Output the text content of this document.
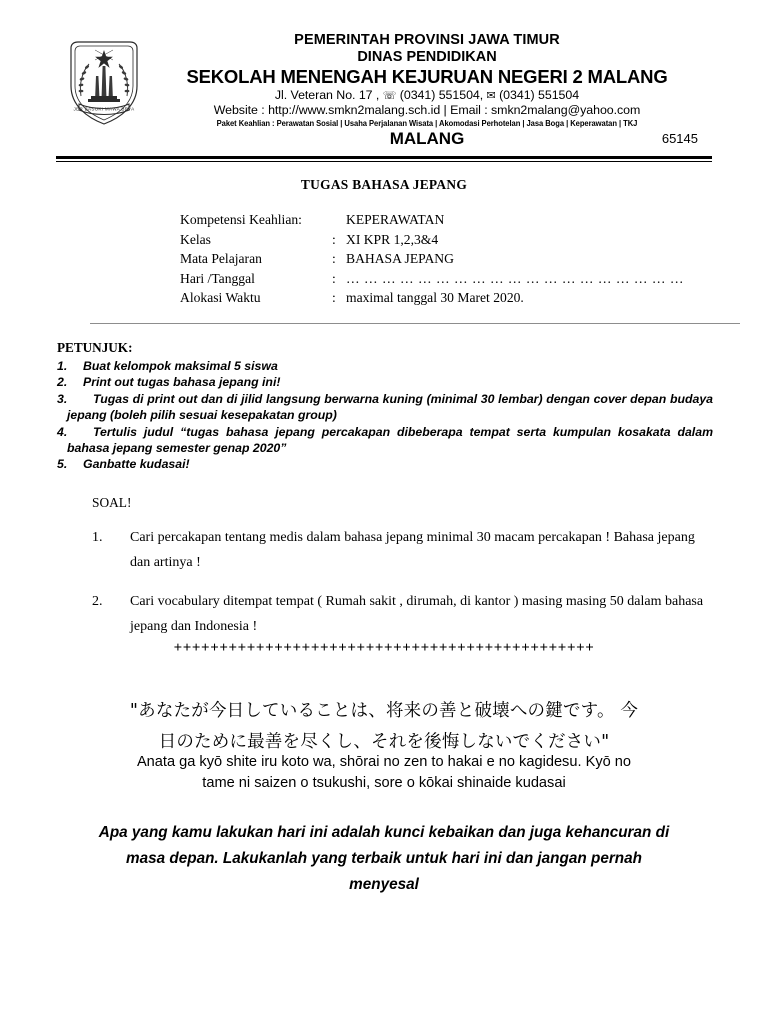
JER BASUKI MAWA BEYA
PEMERINTAH PROVINSI JAWA TIMUR
DINAS PENDIDIKAN
SEKOLAH MENENGAH KEJURUAN NEGERI 2 MALANG
Jl. Veteran No. 17 , ☏ (0341) 551504, ✉ (0341) 551504
Website : http://www.smkn2malang.sch.id | Email : smkn2malang@yahoo.com
Paket Keahlian : Perawatan Sosial | Usaha Perjalanan Wisata | Akomodasi Perhotelan | Jasa Boga | Keperawatan | TKJ
MALANG	65145
TUGAS BAHASA JEPANG
Kompetensi Keahlian:	KEPERAWATAN
Kelas	: XI KPR 1,2,3&4
Mata Pelajaran	: BAHASA JEPANG
Hari /Tanggal	: … … … … … … … … … … … … … … … … … … …
Alokasi Waktu	: maximal tanggal 30 Maret 2020.
PETUNJUK:
1.	Buat kelompok maksimal 5 siswa
2.	Print out tugas bahasa jepang ini!
3.	Tugas di print out dan di jilid langsung berwarna kuning (minimal 30 lembar) dengan cover depan budaya jepang (boleh pilih sesuai kesepakatan group)
4.	Tertulis judul “tugas bahasa jepang percakapan dibeberapa tempat serta kumpulan kosakata dalam bahasa jepang semester genap 2020”
5.	Ganbatte kudasai!
SOAL!
1. Cari percakapan tentang medis dalam bahasa jepang minimal 30 macam percakapan ! Bahasa jepang dan artinya !
2. Cari vocabulary ditempat tempat ( Rumah sakit , dirumah, di kantor ) masing masing 50 dalam bahasa jepang dan Indonesia !
++++++++++++++++++++++++++++++++++++++++++++++
"あなたが今日していることは、将来の善と破壊への鍵です。 今
日のために最善を尽くし、それを後悔しないでください"
Anata ga kyō shite iru koto wa, shōrai no zen to hakai e no kagidesu. Kyō no
tame ni saizen o tsukushi, sore o kōkai shinaide kudasai
Apa yang kamu lakukan hari ini adalah kunci kebaikan dan juga kehancuran di
masa depan. Lakukanlah yang terbaik untuk hari ini dan jangan pernah
menyesal
